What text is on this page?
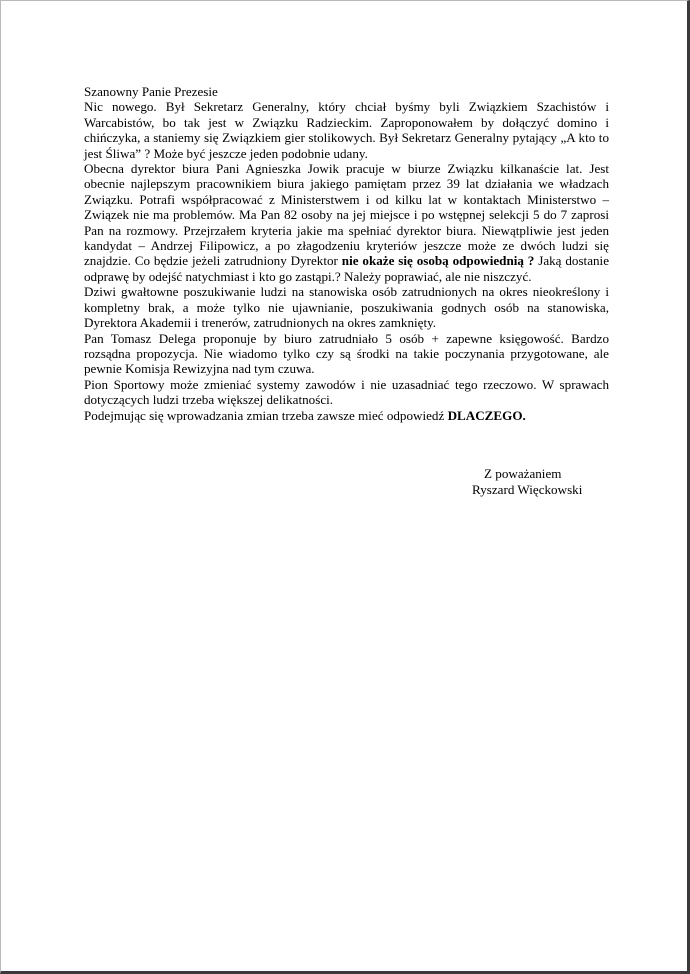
Szanowny Panie Prezesie

Nic nowego. Był Sekretarz Generalny, który chciał byśmy byli Związkiem Szachistów i Warcabistów, bo tak jest w Związku Radzieckim. Zaproponowałem by dołączyć domino i chińczyka, a staniemy się Związkiem gier stolikowych. Był Sekretarz Generalny pytający „A kto to jest Śliwa” ? Może być jeszcze jeden podobnie udany.

Obecna dyrektor biura Pani Agnieszka Jowik pracuje w biurze Związku kilkanaście lat. Jest obecnie najlepszym pracownikiem biura jakiego pamiętam przez 39 lat działania we władzach Związku. Potrafi współpracować z Ministerstwem i od kilku lat w kontaktach Ministerstwo – Związek nie ma problemów. Ma Pan 82 osoby na jej miejsce i po wstępnej selekcji 5 do 7 zaprosi Pan na rozmowy. Przejrzałem kryteria jakie ma spełniać dyrektor biura. Niewątpliwie jest jeden kandydat – Andrzej Filipowicz, a po złagodzeniu kryteriów jeszcze może ze dwóch ludzi się znajdzie. Co będzie jeżeli zatrudniony Dyrektor nie okaże się osobą odpowiednią ? Jaką dostanie odprawę by odejść natychmiast i kto go zastąpi.? Należy poprawiać, ale nie niszczyć.

Dziwi gwałtowne poszukiwanie ludzi na stanowiska osób zatrudnionych na okres nieokreślony i kompletny brak, a może tylko nie ujawnianie, poszukiwania godnych osób na stanowiska, Dyrektora Akademii i trenerów, zatrudnionych na okres zamknięty.

Pan Tomasz Delega proponuje by biuro zatrudniało 5 osób + zapewne księgowość. Bardzo rozsądna propozycja. Nie wiadomo tylko czy są środki na takie poczynania przygotowane, ale pewnie Komisja Rewizyjna nad tym czuwa.

Pion Sportowy może zmieniać systemy zawodów i nie uzasadniać tego rzeczowo. W sprawach dotyczących ludzi trzeba większej delikatności.

Podejmując się wprowadzania zmian trzeba zawsze mieć odpowiedź DLACZEGO.

Z poważaniem
Ryszard Więckowski
